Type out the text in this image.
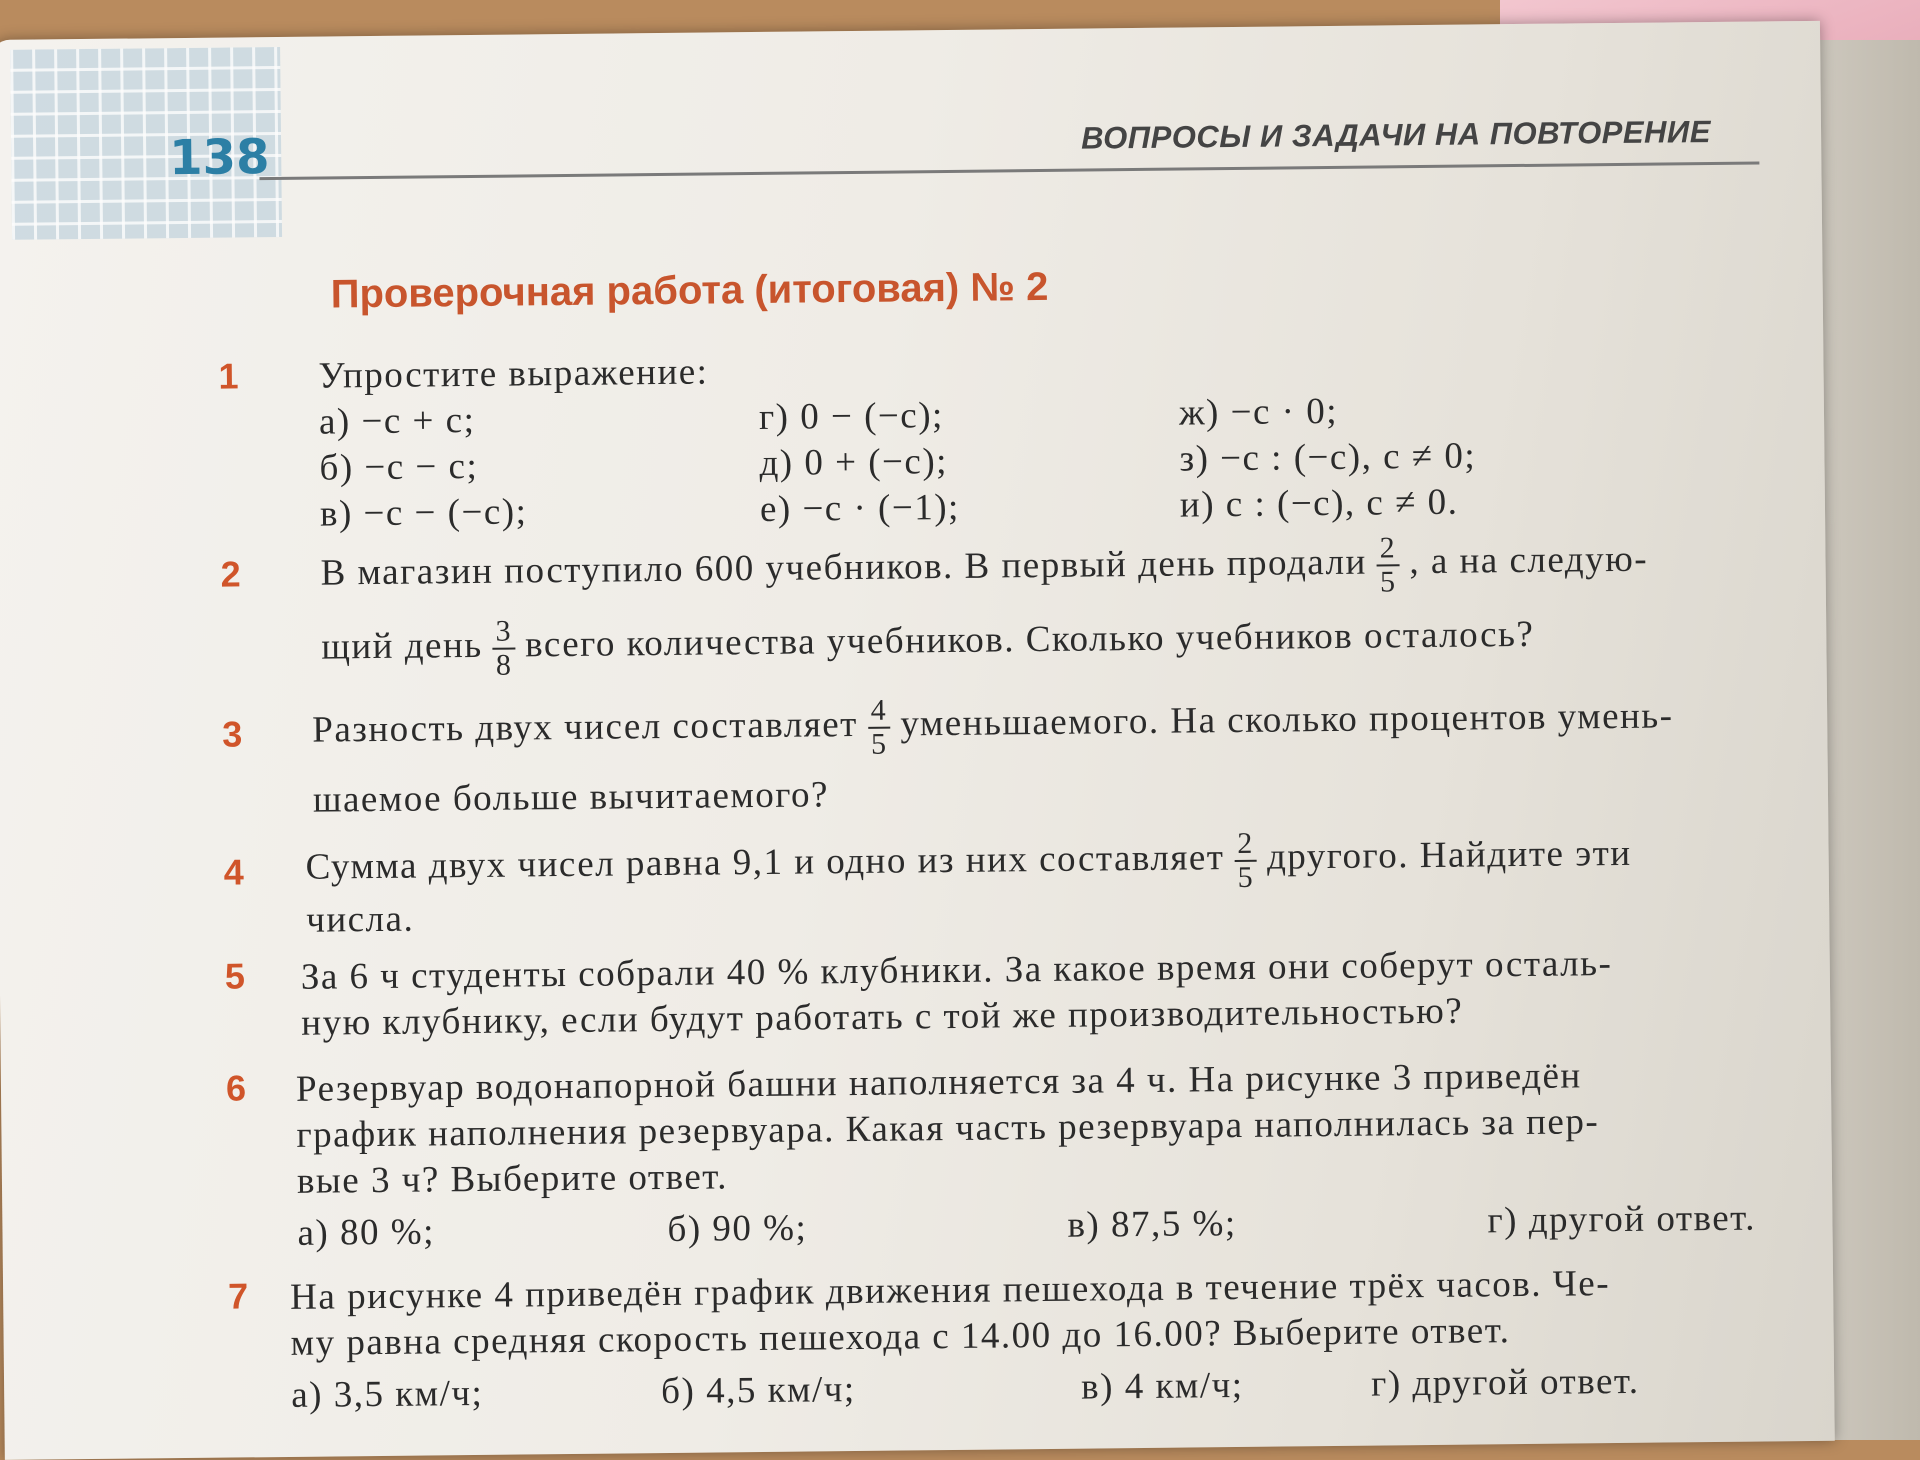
138	ВОПРОСЫ И ЗАДАЧИ НА ПОВТОРЕНИЕ
Проверочная работа (итоговая) № 2
1 Упростите выражение:
а) −c + c;	г) 0 − (−c);	ж) −c · 0;
б) −c − c;	д) 0 + (−c);	з) −c : (−c), c ≠ 0;
в) −c − (−c);	е) −c · (−1);	и) c : (−c), c ≠ 0.
2 В магазин поступило 600 учебников. В первый день продали $\frac{2}{5}$ , а на следую-
щий день $\frac{3}{8}$ всего количества учебников. Сколько учебников осталось?
3 Разность двух чисел составляет $\frac{4}{5}$ уменьшаемого. На сколько процентов умень-
шаемое больше вычитаемого?
4 Сумма двух чисел равна 9,1 и одно из них составляет $\frac{2}{5}$ другого. Найдите эти
числа.
5 За 6 ч студенты собрали 40 % клубники. За какое время они соберут осталь-
ную клубнику, если будут работать с той же производительностью?
6 Резервуар водонапорной башни наполняется за 4 ч. На рисунке 3 приведён
график наполнения резервуара. Какая часть резервуара наполнилась за пер-
вые 3 ч? Выберите ответ.
а) 80 %;	б) 90 %;	в) 87,5 %;	г) другой ответ.
7 На рисунке 4 приведён график движения пешехода в течение трёх часов. Че-
му равна средняя скорость пешехода с 14.00 до 16.00? Выберите ответ.
а) 3,5 км/ч;	б) 4,5 км/ч;	в) 4 км/ч;	г) другой ответ.
